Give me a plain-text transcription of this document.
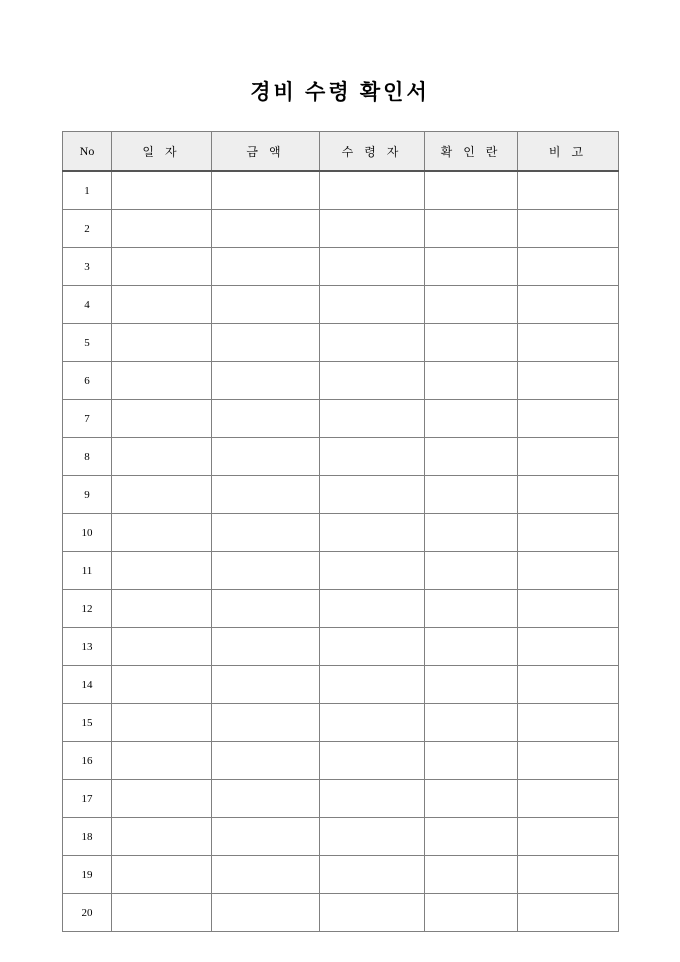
경비 수령 확인서
No	일 자	금 액	수 령 자	확 인 란	비 고
1					
2					
3					
4					
5					
6					
7					
8					
9					
10					
11					
12					
13					
14					
15					
16					
17					
18					
19					
20					
